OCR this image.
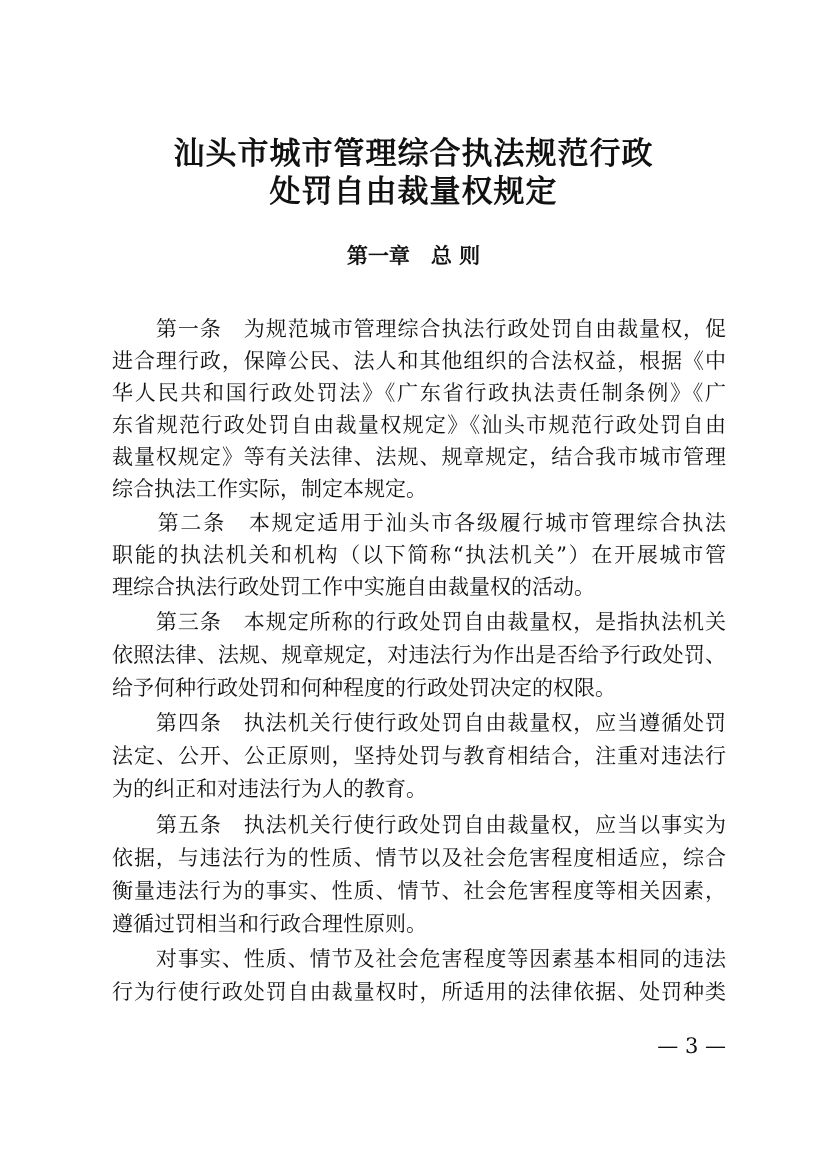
汕头市城市管理综合执法规范行政
处罚自由裁量权规定
第一章　总 则
　　第一条　为规范城市管理综合执法行政处罚自由裁量权，促
进合理行政，保障公民、法人和其他组织的合法权益，根据《中
华人民共和国行政处罚法》《广东省行政执法责任制条例》《广
东省规范行政处罚自由裁量权规定》《汕头市规范行政处罚自由
裁量权规定》等有关法律、法规、规章规定，结合我市城市管理
综合执法工作实际，制定本规定。
　　第二条　本规定适用于汕头市各级履行城市管理综合执法
职能的执法机关和机构（以下简称“执法机关”）在开展城市管
理综合执法行政处罚工作中实施自由裁量权的活动。
　　第三条　本规定所称的行政处罚自由裁量权，是指执法机关
依照法律、法规、规章规定，对违法行为作出是否给予行政处罚、
给予何种行政处罚和何种程度的行政处罚决定的权限。
　　第四条　执法机关行使行政处罚自由裁量权，应当遵循处罚
法定、公开、公正原则，坚持处罚与教育相结合，注重对违法行
为的纠正和对违法行为人的教育。
　　第五条　执法机关行使行政处罚自由裁量权，应当以事实为
依据，与违法行为的性质、情节以及社会危害程度相适应，综合
衡量违法行为的事实、性质、情节、社会危害程度等相关因素，
遵循过罚相当和行政合理性原则。
　　对事实、性质、情节及社会危害程度等因素基本相同的违法
行为行使行政处罚自由裁量权时，所适用的法律依据、处罚种类
— 3 —
